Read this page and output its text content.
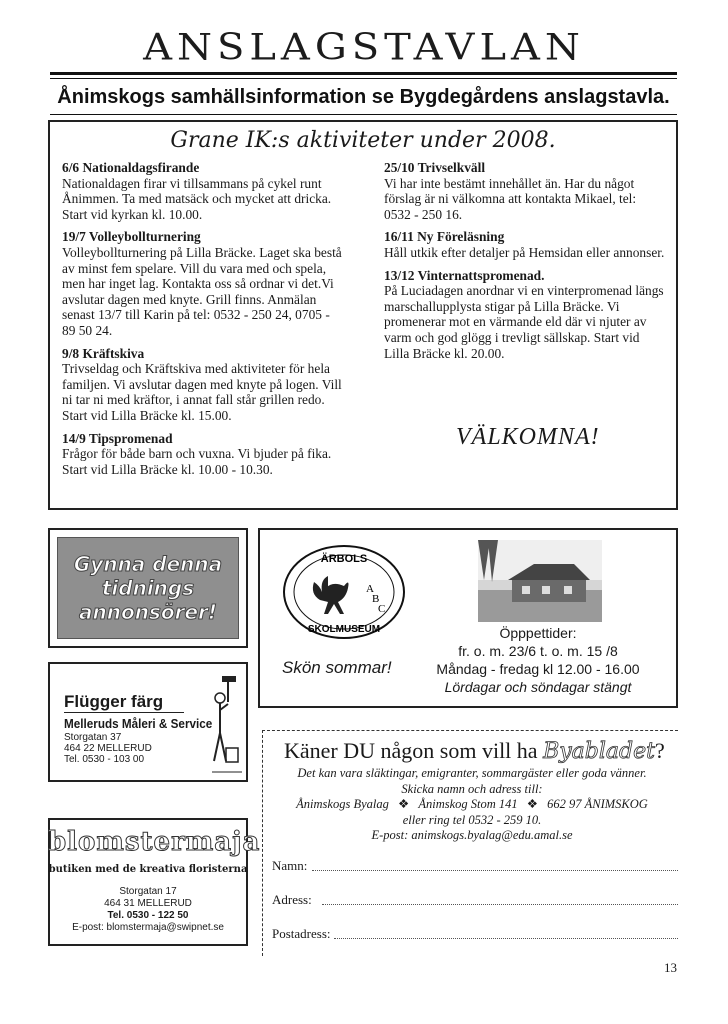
ANSLAGSTAVLAN
Ånimskogs samhällsinformation se Bygdegårdens anslagstavla.
Grane IK:s aktiviteter under 2008.
6/6 Nationaldagsfirande
Nationaldagen firar vi tillsammans på cykel runt Ånimmen. Ta med matsäck och mycket att dricka. Start vid kyrkan kl. 10.00.
19/7 Volleybollturnering
Volleybollturnering på Lilla Bräcke. Laget ska bestå av minst fem spelare. Vill du vara med och spela, men har inget lag. Kontakta oss så ordnar vi det.Vi avslutar dagen med knyte. Grill finns. Anmälan senast 13/7 till Karin på tel: 0532 - 250 24, 0705 - 89 50 24.
9/8 Kräftskiva
Trivseldag och Kräftskiva med aktiviteter för hela familjen. Vi avslutar dagen med knyte på logen. Vill ni tar ni med kräftor, i annat fall står grillen redo. Start vid Lilla Bräcke kl. 15.00.
14/9 Tipspromenad
Frågor för både barn och vuxna. Vi bjuder på fika. Start vid Lilla Bräcke kl. 10.00 - 10.30.
25/10 Trivselkväll
Vi har inte bestämt innehållet än. Har du något förslag är ni välkomna att kontakta Mikael, tel: 0532 - 250 16.
16/11 Ny Föreläsning
Håll utkik efter detaljer på Hemsidan eller annonser.
13/12 Vinternattspromenad.
På Luciadagen anordnar vi en vinterpromenad längs marschallupplysta stigar på Lilla Bräcke. Vi promenerar mot en värmande eld där vi njuter av varm och god glögg i trevligt sällskap. Start vid Lilla Bräcke kl. 20.00.
VÄLKOMNA!
Gynna denna
tidnings
annonsörer!
ÄRBOLS
SKOLMUSEUM
A
B
C
Öpppettider:
fr. o. m. 23/6 t. o. m. 15 /8
Måndag - fredag kl 12.00 - 16.00
Lördagar och söndagar stängt
Skön sommar!
Flügger färg
Melleruds Måleri & Service
Storgatan 37
464 22 MELLERUD
Tel. 0530 - 103 00
blomstermaja
butiken med de kreativa floristerna
Storgatan 17
464 31 MELLERUD
Tel. 0530 - 122 50
E-post: blomstermaja@swipnet.se
Käner DU någon som vill ha Byabladet?
Det kan vara släktingar, emigranter, sommargäster eller goda vänner.
Skicka namn och adress till:
Ånimskogs Byalag ❖ Ånimskog Stom 141 ❖ 662 97 ÅNIMSKOG
eller ring tel 0532 - 259 10.
E-post: animskogs.byalag@edu.amal.se
Namn:
Adress:
Postadress:
13
